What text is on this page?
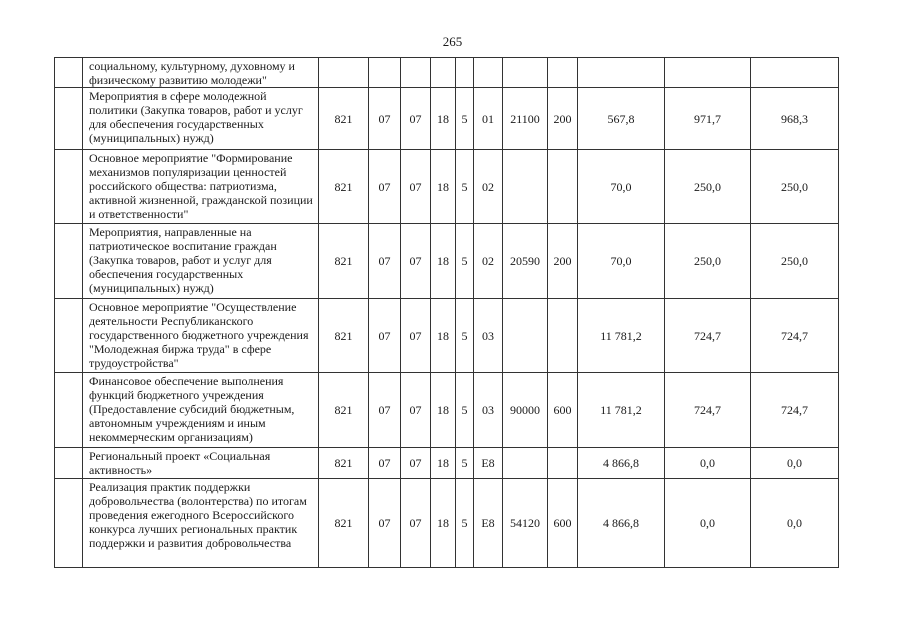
265
	социальному, культурному, духовному и физическому развитию молодежи"											
	Мероприятия в сфере молодежной политики (Закупка товаров, работ и услуг для обеспечения государственных (муниципальных) нужд)	821	07	07	18	5	01	21100	200	567,8	971,7	968,3
	Основное мероприятие "Формирование механизмов популяризации ценностей российского общества: патриотизма, активной жизненной, гражданской позиции и ответственности"	821	07	07	18	5	02			70,0	250,0	250,0
	Мероприятия, направленные на патриотическое воспитание граждан (Закупка товаров, работ и услуг для обеспечения государственных (муниципальных) нужд)	821	07	07	18	5	02	20590	200	70,0	250,0	250,0
	Основное мероприятие "Осуществление деятельности Республиканского государственного бюджетного учреждения "Молодежная биржа труда" в сфере трудоустройства"	821	07	07	18	5	03			11 781,2	724,7	724,7
	Финансовое обеспечение выполнения функций бюджетного учреждения (Предоставление субсидий бюджетным, автономным учреждениям и иным некоммерческим организациям)	821	07	07	18	5	03	90000	600	11 781,2	724,7	724,7
	Региональный проект «Социальная активность»	821	07	07	18	5	E8			4 866,8	0,0	0,0
	Реализация практик поддержки добровольчества (волонтерства) по итогам проведения ежегодного Всероссийского конкурса лучших региональных практик поддержки и развития добровольчества	821	07	07	18	5	E8	54120	600	4 866,8	0,0	0,0
